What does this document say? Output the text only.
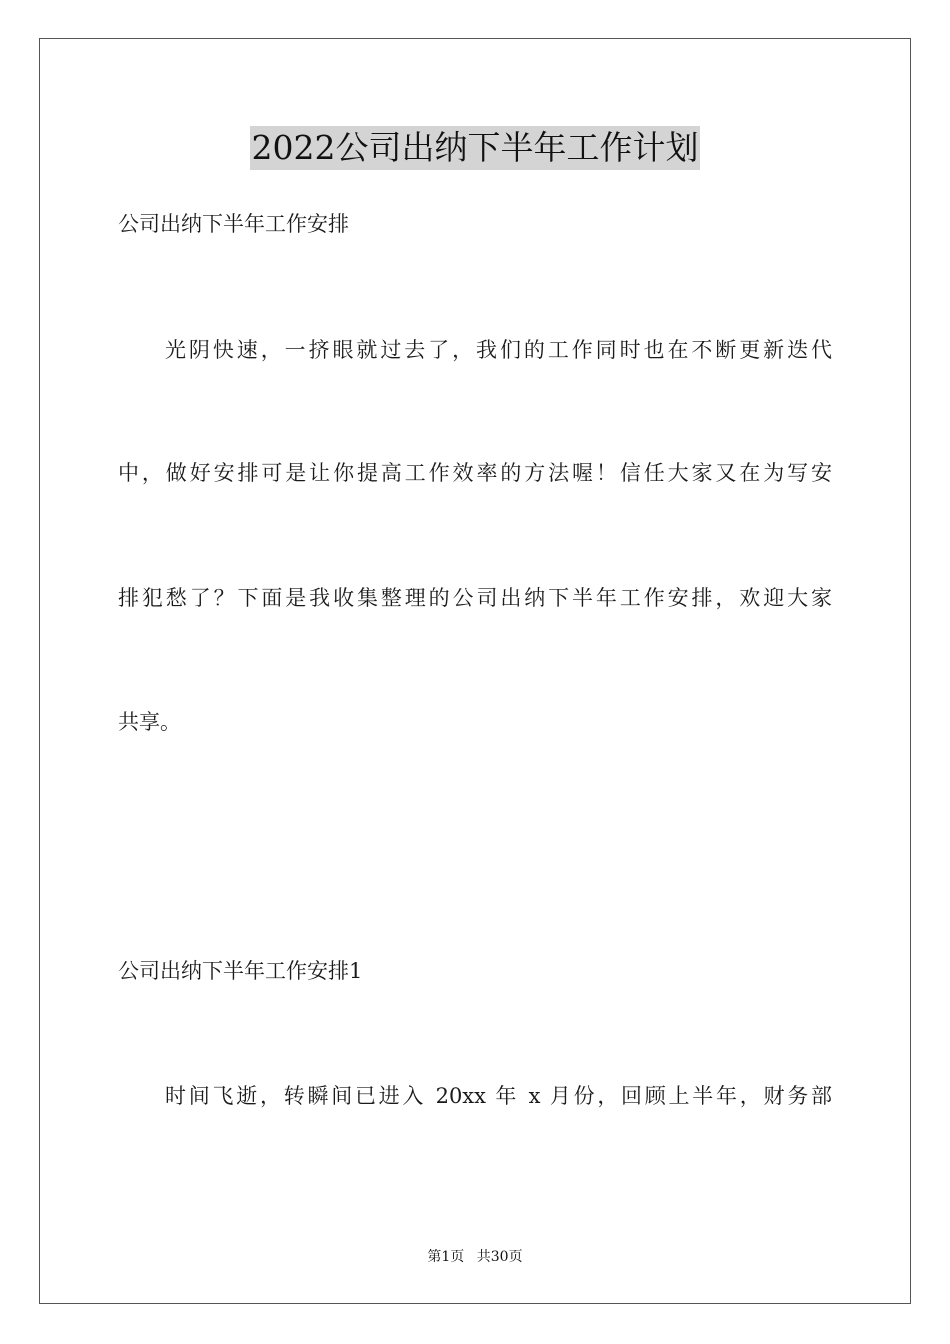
2022公司出纳下半年工作计划
公司出纳下半年工作安排
光阴快速，一挤眼就过去了，我们的工作同时也在不断更新迭代
中，做好安排可是让你提高工作效率的方法喔！信任大家又在为写安
排犯愁了？下面是我收集整理的公司出纳下半年工作安排，欢迎大家
共享。
公司出纳下半年工作安排1
时间飞逝，转瞬间已进入 20xx 年 x 月份，回顾上半年，财务部
第1页 共30页
